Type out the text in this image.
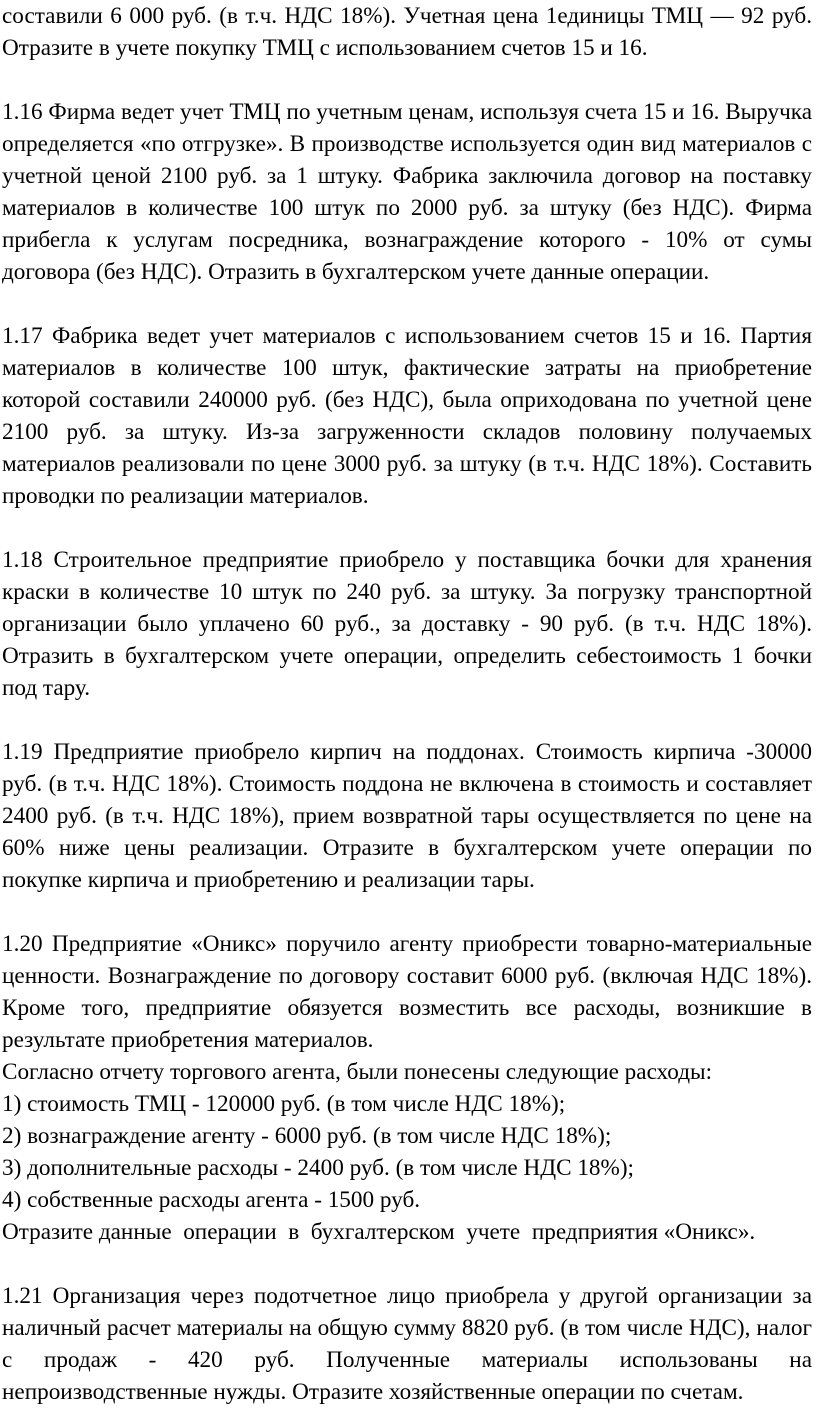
составили 6 000 руб. (в т.ч. НДС 18%). Учетная цена 1единицы ТМЦ — 92 руб. Отразите в учете покупку ТМЦ с использованием счетов 15 и 16.

1.16 Фирма ведет учет ТМЦ по учетным ценам, используя счета 15 и 16. Выручка определяется «по отгрузке». В производстве используется один вид материалов с учетной ценой 2100 руб. за 1 штуку. Фабрика заключила договор на поставку материалов в количестве 100 штук по 2000 руб. за штуку (без НДС). Фирма прибегла к услугам посредника, вознаграждение которого - 10% от сумы договора (без НДС). Отразить в бухгалтерском учете данные операции.

1.17 Фабрика ведет учет материалов с использованием счетов 15 и 16. Партия материалов в количестве 100 штук, фактические затраты на приобретение которой составили 240000 руб. (без НДС), была оприходована по учетной цене 2100 руб. за штуку. Из-за загруженности складов половину получаемых материалов реализовали по цене 3000 руб. за штуку (в т.ч. НДС 18%). Составить проводки по реализации материалов.

1.18 Строительное предприятие приобрело у поставщика бочки для хранения краски в количестве 10 штук по 240 руб. за штуку. За погрузку транспортной организации было уплачено 60 руб., за доставку - 90 руб. (в т.ч. НДС 18%). Отразить в бухгалтерском учете операции, определить себестоимость 1 бочки под тару.

1.19 Предприятие приобрело кирпич на поддонах. Стоимость кирпича -30000 руб. (в т.ч. НДС 18%). Стоимость поддона не включена в стоимость и составляет 2400 руб. (в т.ч. НДС 18%), прием возвратной тары осуществляется по цене на 60% ниже цены реализации. Отразите в бухгалтерском учете операции по покупке кирпича и приобретению и реализации тары.

1.20 Предприятие «Оникс» поручило агенту приобрести товарно-материальные ценности. Вознаграждение по договору составит 6000 руб. (включая НДС 18%). Кроме того, предприятие обязуется возместить все расходы, возникшие в результате приобретения материалов.

Согласно отчету торгового агента, были понесены следующие расходы:
1) стоимость ТМЦ - 120000 руб. (в том числе НДС 18%);
2) вознаграждение агенту - 6000 руб. (в том числе НДС 18%);
3) дополнительные расходы - 2400 руб. (в том числе НДС 18%);
4) собственные расходы агента - 1500 руб.
Отразите данные  операции  в  бухгалтерском  учете  предприятия «Оникс».

1.21 Организация через подотчетное лицо приобрела у другой организации за наличный расчет материалы на общую сумму 8820 руб. (в том числе НДС), налог с продаж - 420 руб. Полученные материалы использованы на непроизводственные нужды. Отразите хозяйственные операции по счетам.
